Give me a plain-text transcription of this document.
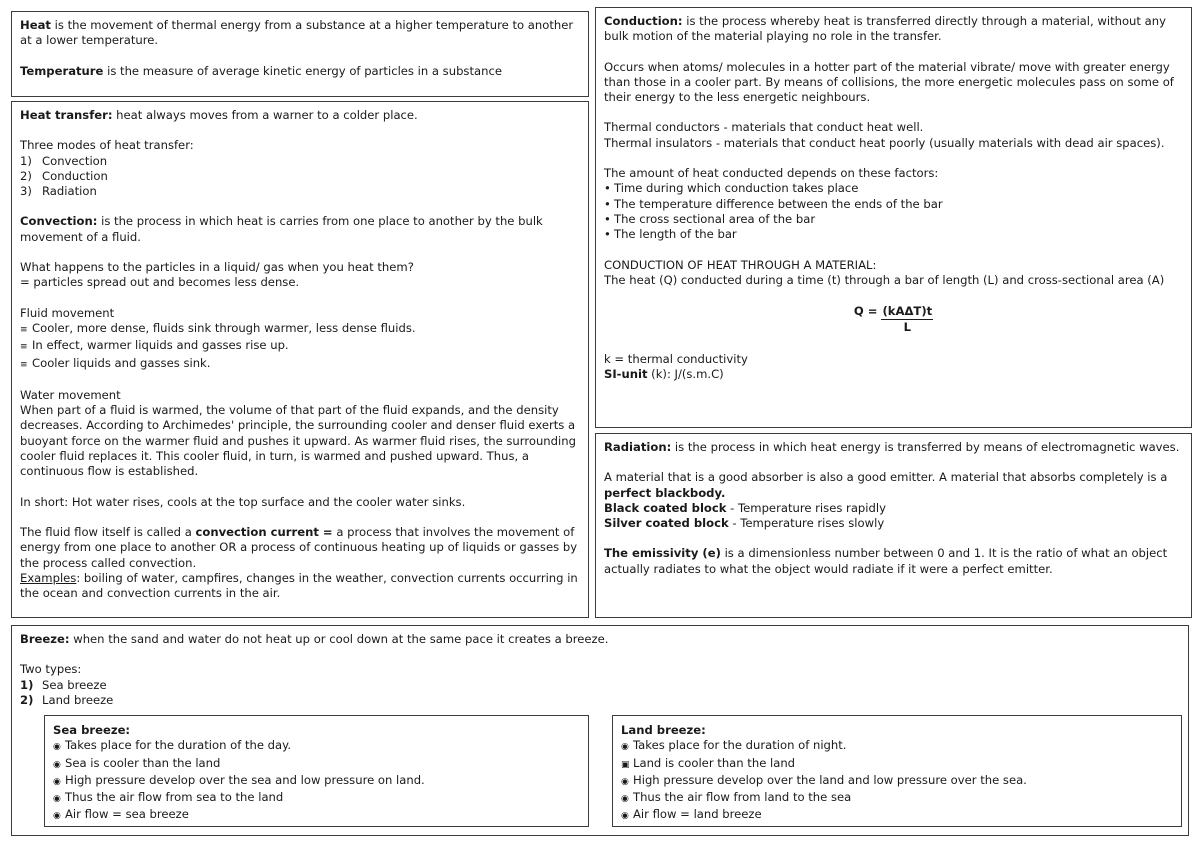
Heat is the movement of thermal energy from a substance at a higher temperature to another at a lower temperature.

Temperature is the measure of average kinetic energy of particles in a substance

Heat transfer: heat always moves from a warner to a colder place.

Three modes of heat transfer:

1) Convection

2) Conduction

3) Radiation

Convection: is the process in which heat is carries from one place to another by the bulk movement of a fluid.

What happens to the particles in a liquid/ gas when you heat them?

= particles spread out and becomes less dense.

Fluid movement

≡ Cooler, more dense, fluids sink through warmer, less dense fluids.

≡ In effect, warmer liquids and gasses rise up.

≡ Cooler liquids and gasses sink.

Water movement

When part of a fluid is warmed, the volume of that part of the fluid expands, and the density decreases. According to Archimedes' principle, the surrounding cooler and denser fluid exerts a buoyant force on the warmer fluid and pushes it upward. As warmer fluid rises, the surrounding cooler fluid replaces it. This cooler fluid, in turn, is warmed and pushed upward. Thus, a continuous flow is established.

In short: Hot water rises, cools at the top surface and the cooler water sinks.

The fluid flow itself is called a convection current = a process that involves the movement of energy from one place to another OR a process of continuous heating up of liquids or gasses by the process called convection.

Examples: boiling of water, campfires, changes in the weather, convection currents occurring in the ocean and convection currents in the air.

Conduction: is the process whereby heat is transferred directly through a material, without any bulk motion of the material playing no role in the transfer.

Occurs when atoms/ molecules in a hotter part of the material vibrate/ move with greater energy than those in a cooler part. By means of collisions, the more energetic molecules pass on some of their energy to the less energetic neighbours.

Thermal conductors - materials that conduct heat well.

Thermal insulators - materials that conduct heat poorly (usually materials with dead air spaces).

The amount of heat conducted depends on these factors:

• Time during which conduction takes place

• The temperature difference between the ends of the bar

• The cross sectional area of the bar

• The length of the bar

CONDUCTION OF HEAT THROUGH A MATERIAL:

The heat (Q) conducted during a time (t) through a bar of length (L) and cross-sectional area (A)

$Q = \frac{\text{(kAΔT)t}}{L}$

k = thermal conductivity

SI-unit (k): J/(s.m.C)

Radiation: is the process in which heat energy is transferred by means of electromagnetic waves.

A material that is a good absorber is also a good emitter. A material that absorbs completely is a perfect blackbody.

Black coated block - Temperature rises rapidly

Silver coated block - Temperature rises slowly

The emissivity (e) is a dimensionless number between 0 and 1. It is the ratio of what an object actually radiates to what the object would radiate if it were a perfect emitter.

Breeze: when the sand and water do not heat up or cool down at the same pace it creates a breeze.

Two types:

1) Sea breeze

2) Land breeze

Sea breeze:

◉ Takes place for the duration of the day.

◉ Sea is cooler than the land

◉ High pressure develop over the sea and low pressure on land.

◉ Thus the air flow from sea to the land

◉ Air flow = sea breeze

Land breeze:

◉ Takes place for the duration of night.

▣ Land is cooler than the land

◉ High pressure develop over the land and low pressure over the sea.

◉ Thus the air flow from land to the sea

◉ Air flow = land breeze
